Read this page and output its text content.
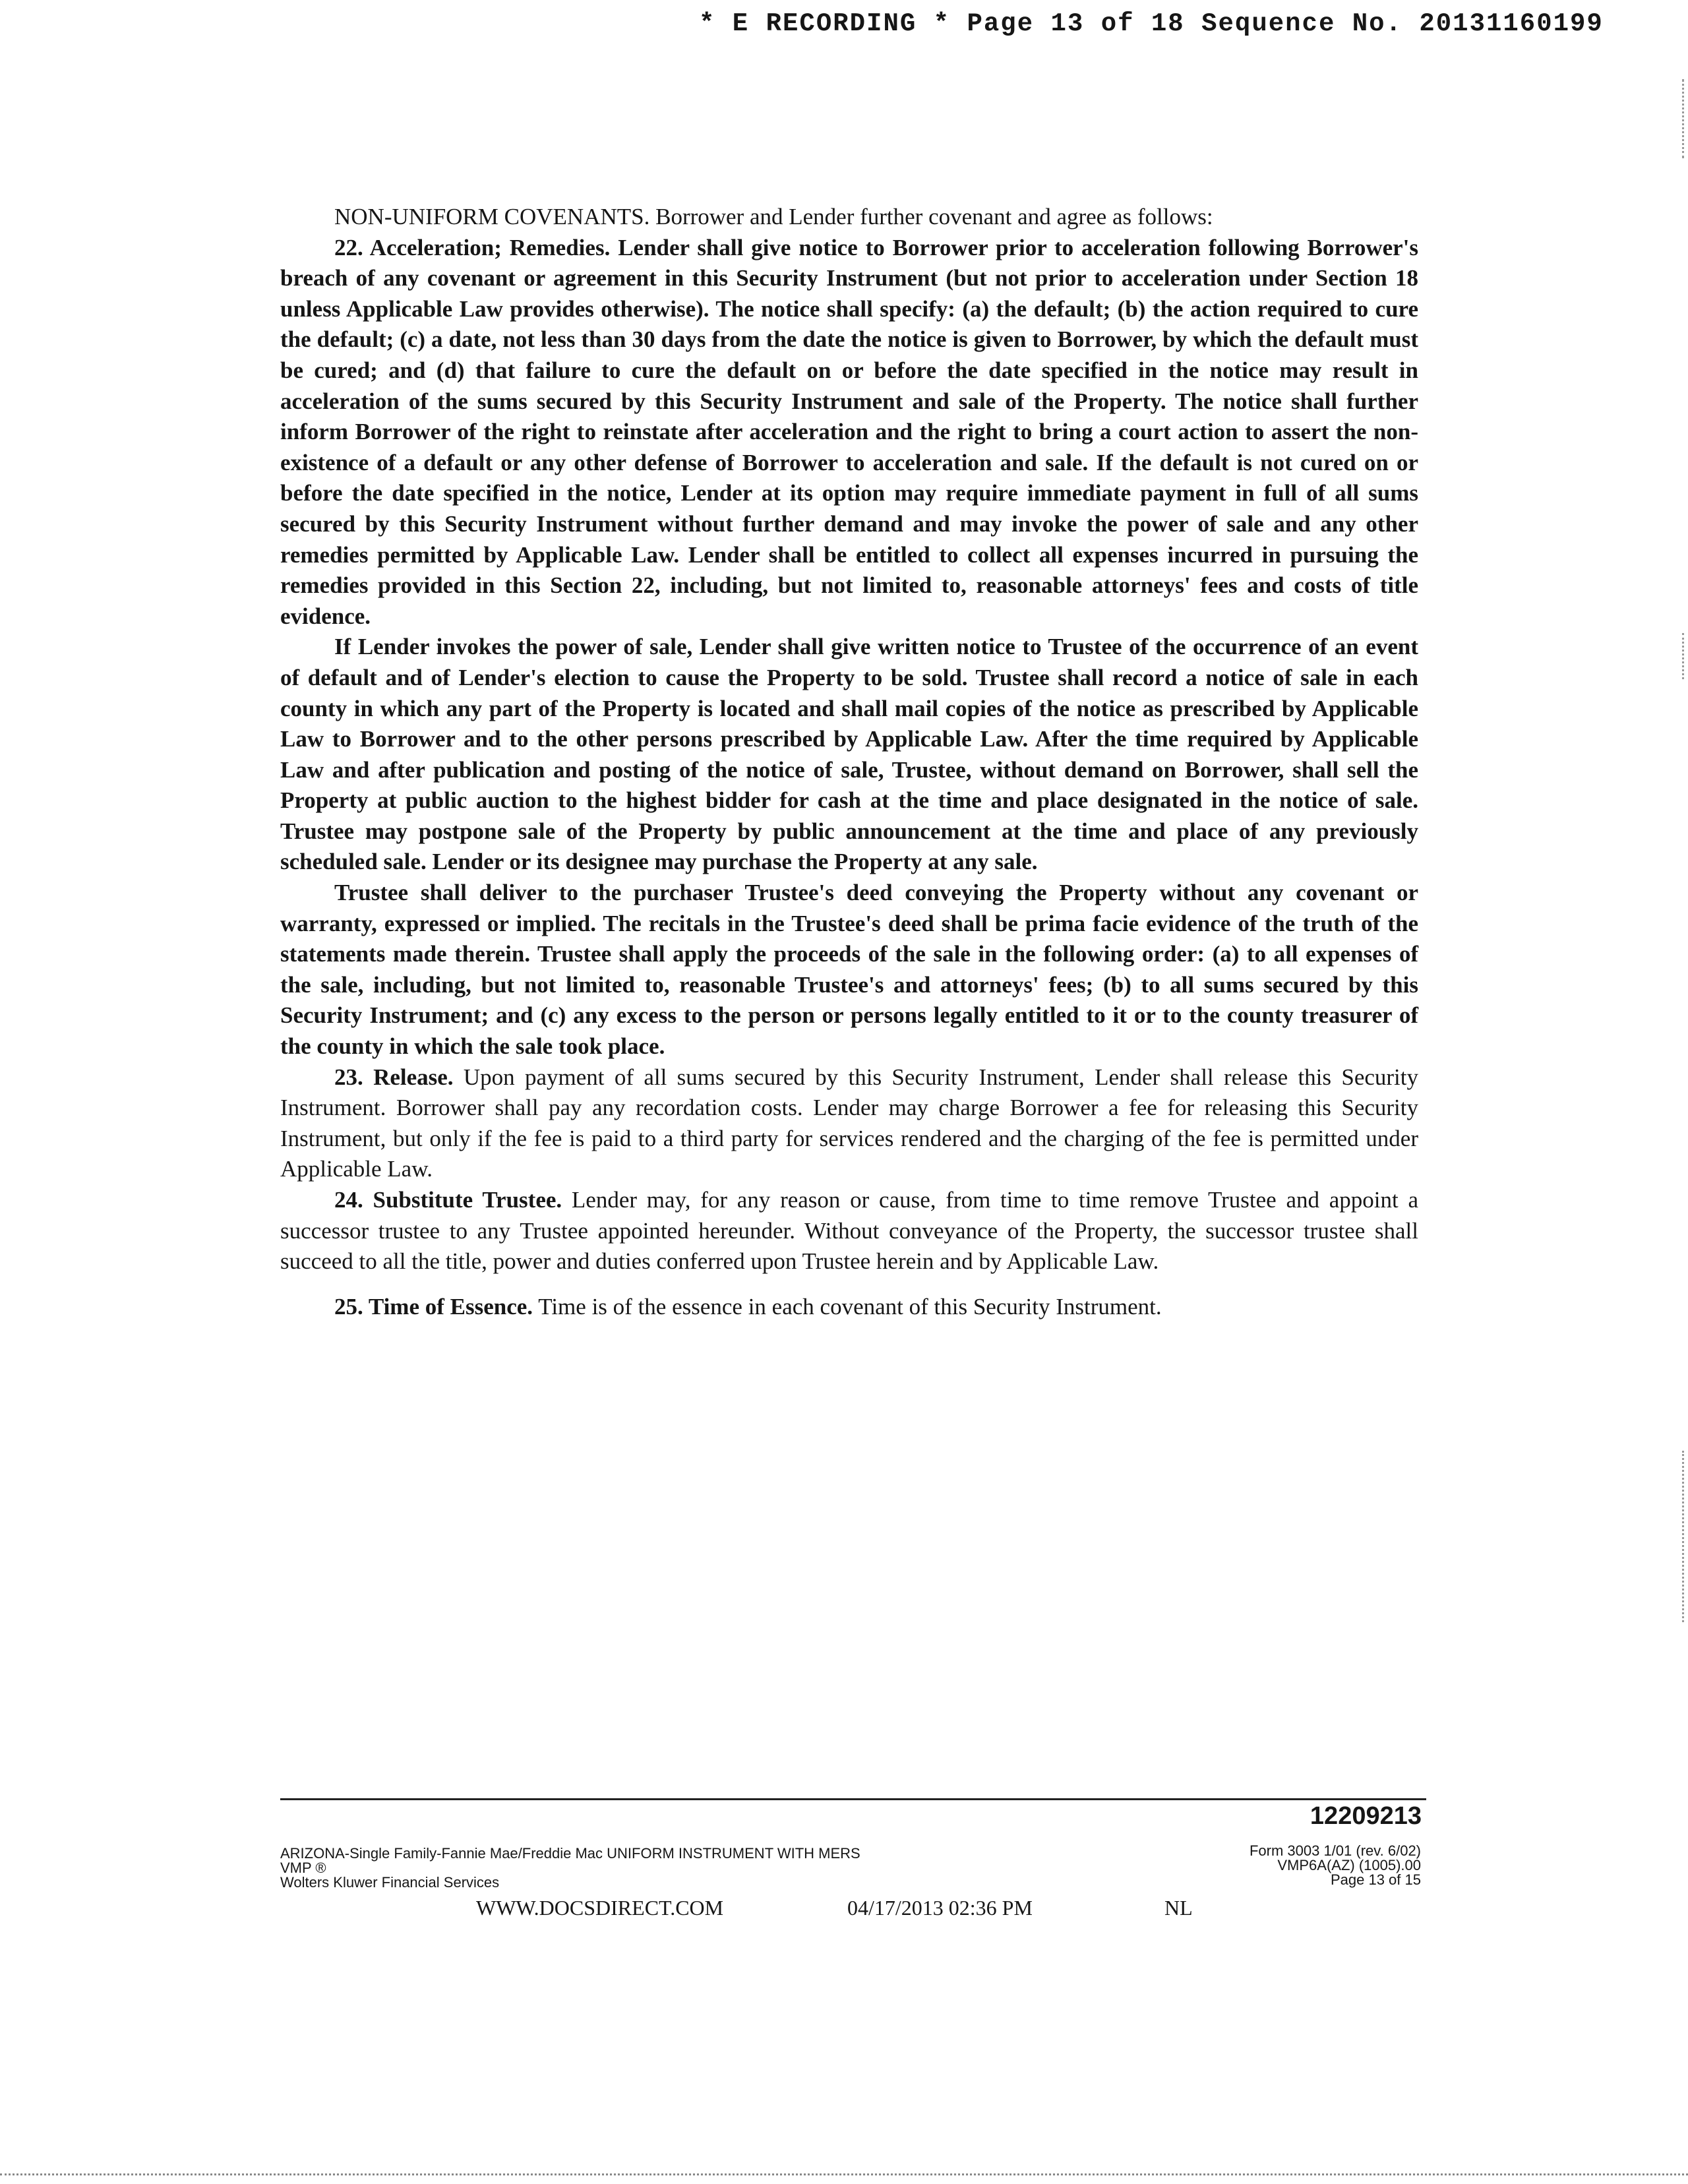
* E RECORDING * Page 13 of 18 Sequence No. 20131160199

NON-UNIFORM COVENANTS. Borrower and Lender further covenant and agree as follows:

22. Acceleration; Remedies. Lender shall give notice to Borrower prior to acceleration following Borrower's breach of any covenant or agreement in this Security Instrument (but not prior to acceleration under Section 18 unless Applicable Law provides otherwise). The notice shall specify: (a) the default; (b) the action required to cure the default; (c) a date, not less than 30 days from the date the notice is given to Borrower, by which the default must be cured; and (d) that failure to cure the default on or before the date specified in the notice may result in acceleration of the sums secured by this Security Instrument and sale of the Property. The notice shall further inform Borrower of the right to reinstate after acceleration and the right to bring a court action to assert the non-existence of a default or any other defense of Borrower to acceleration and sale. If the default is not cured on or before the date specified in the notice, Lender at its option may require immediate payment in full of all sums secured by this Security Instrument without further demand and may invoke the power of sale and any other remedies permitted by Applicable Law. Lender shall be entitled to collect all expenses incurred in pursuing the remedies provided in this Section 22, including, but not limited to, reasonable attorneys' fees and costs of title evidence.

If Lender invokes the power of sale, Lender shall give written notice to Trustee of the occurrence of an event of default and of Lender's election to cause the Property to be sold. Trustee shall record a notice of sale in each county in which any part of the Property is located and shall mail copies of the notice as prescribed by Applicable Law to Borrower and to the other persons prescribed by Applicable Law. After the time required by Applicable Law and after publication and posting of the notice of sale, Trustee, without demand on Borrower, shall sell the Property at public auction to the highest bidder for cash at the time and place designated in the notice of sale. Trustee may postpone sale of the Property by public announcement at the time and place of any previously scheduled sale. Lender or its designee may purchase the Property at any sale.

Trustee shall deliver to the purchaser Trustee's deed conveying the Property without any covenant or warranty, expressed or implied. The recitals in the Trustee's deed shall be prima facie evidence of the truth of the statements made therein. Trustee shall apply the proceeds of the sale in the following order: (a) to all expenses of the sale, including, but not limited to, reasonable Trustee's and attorneys' fees; (b) to all sums secured by this Security Instrument; and (c) any excess to the person or persons legally entitled to it or to the county treasurer of the county in which the sale took place.

23. Release. Upon payment of all sums secured by this Security Instrument, Lender shall release this Security Instrument. Borrower shall pay any recordation costs. Lender may charge Borrower a fee for releasing this Security Instrument, but only if the fee is paid to a third party for services rendered and the charging of the fee is permitted under Applicable Law.

24. Substitute Trustee. Lender may, for any reason or cause, from time to time remove Trustee and appoint a successor trustee to any Trustee appointed hereunder. Without conveyance of the Property, the successor trustee shall succeed to all the title, power and duties conferred upon Trustee herein and by Applicable Law.

25. Time of Essence. Time is of the essence in each covenant of this Security Instrument.

12209213
ARIZONA-Single Family-Fannie Mae/Freddie Mac UNIFORM INSTRUMENT WITH MERS
VMP ®
Wolters Kluwer Financial Services
Form 3003 1/01 (rev. 6/02)
VMP6A(AZ) (1005).00
Page 13 of 15
WWW.DOCSDIRECT.COM	04/17/2013 02:36 PM	NL
